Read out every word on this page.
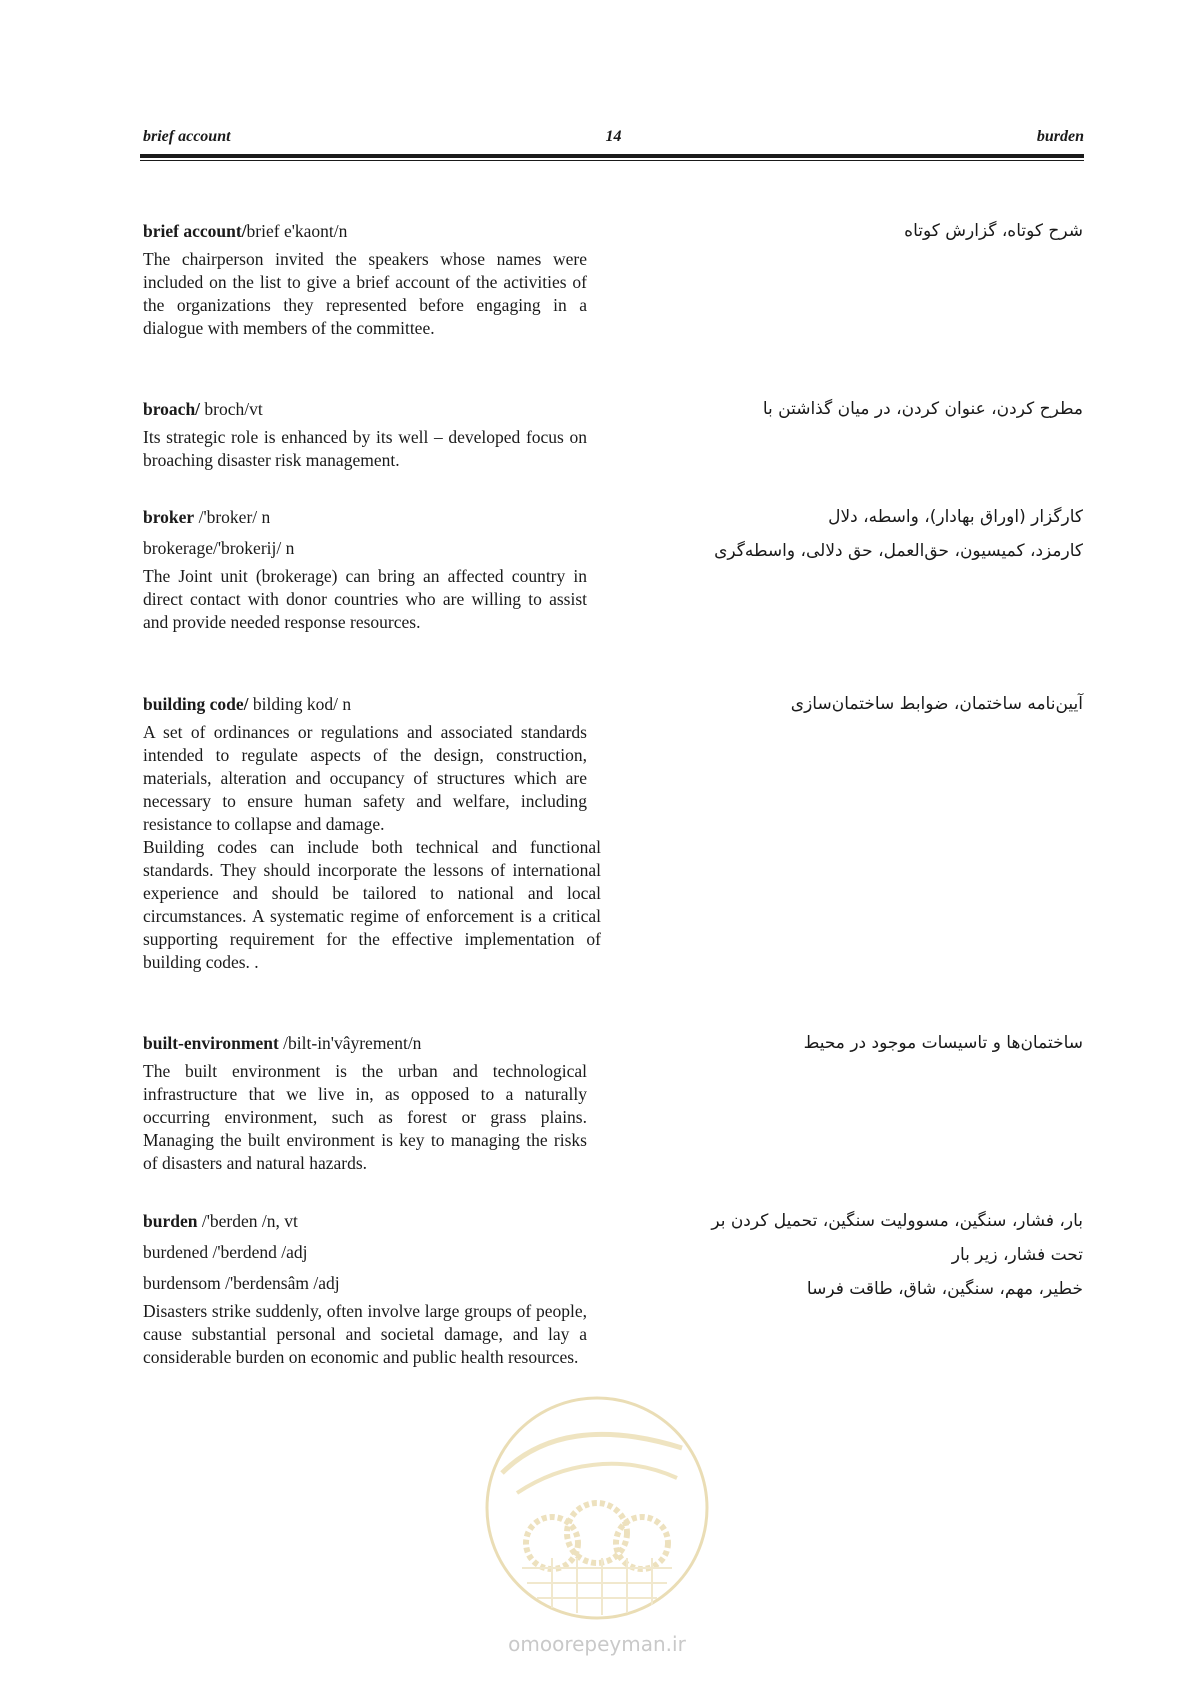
14
brief account	burden
brief account/brief e'kaont/n

The chairperson invited the speakers whose names were included on the list to give a brief account of the activities of the organizations they represented before engaging in a dialogue with members of the committee.

شرح کوتاه، گزارش کوتاه
broach/ broch/vt

Its strategic role is enhanced by its well – developed focus on broaching disaster risk management.

مطرح کردن، عنوان کردن، در میان گذاشتن با
broker /'broker/ n
brokerage/'brokerij/ n

The Joint unit (brokerage) can bring an affected country in direct contact with donor countries who are willing to assist and provide needed response resources.

کارگزار (اوراق بهادار)، واسطه، دلال
کارمزد، کمیسیون، حق‌العمل، حق دلالی، واسطه‌گری
building code/ bilding kod/ n

A set of ordinances or regulations and associated standards intended to regulate aspects of the design, construction, materials, alteration and occupancy of structures which are necessary to ensure human safety and welfare, including resistance to collapse and damage.

Building codes can include both technical and functional standards. They should incorporate the lessons of international experience and should be tailored to national and local circumstances. A systematic regime of enforcement is a critical supporting requirement for the effective implementation of building codes. .

آیین‌نامه ساختمان، ضوابط ساختمان‌سازی
built-environment /bilt-in'vâyrement/n

The built environment is the urban and technological infrastructure that we live in, as opposed to a naturally occurring environment, such as forest or grass plains. Managing the built environment is key to managing the risks of disasters and natural hazards.

ساختمان‌ها و تاسیسات موجود در محیط
burden /'berden /n, vt
burdened /'berdend /adj
burdensom /'berdensâm /adj

Disasters strike suddenly, often involve large groups of people, cause substantial personal and societal damage, and lay a considerable burden on economic and public health resources.

بار، فشار، سنگین، مسوولیت سنگین، تحمیل کردن بر
تحت فشار، زیر بار
خطیر، مهم، سنگین، شاق، طاقت فرسا
omoorepeyman.ir
